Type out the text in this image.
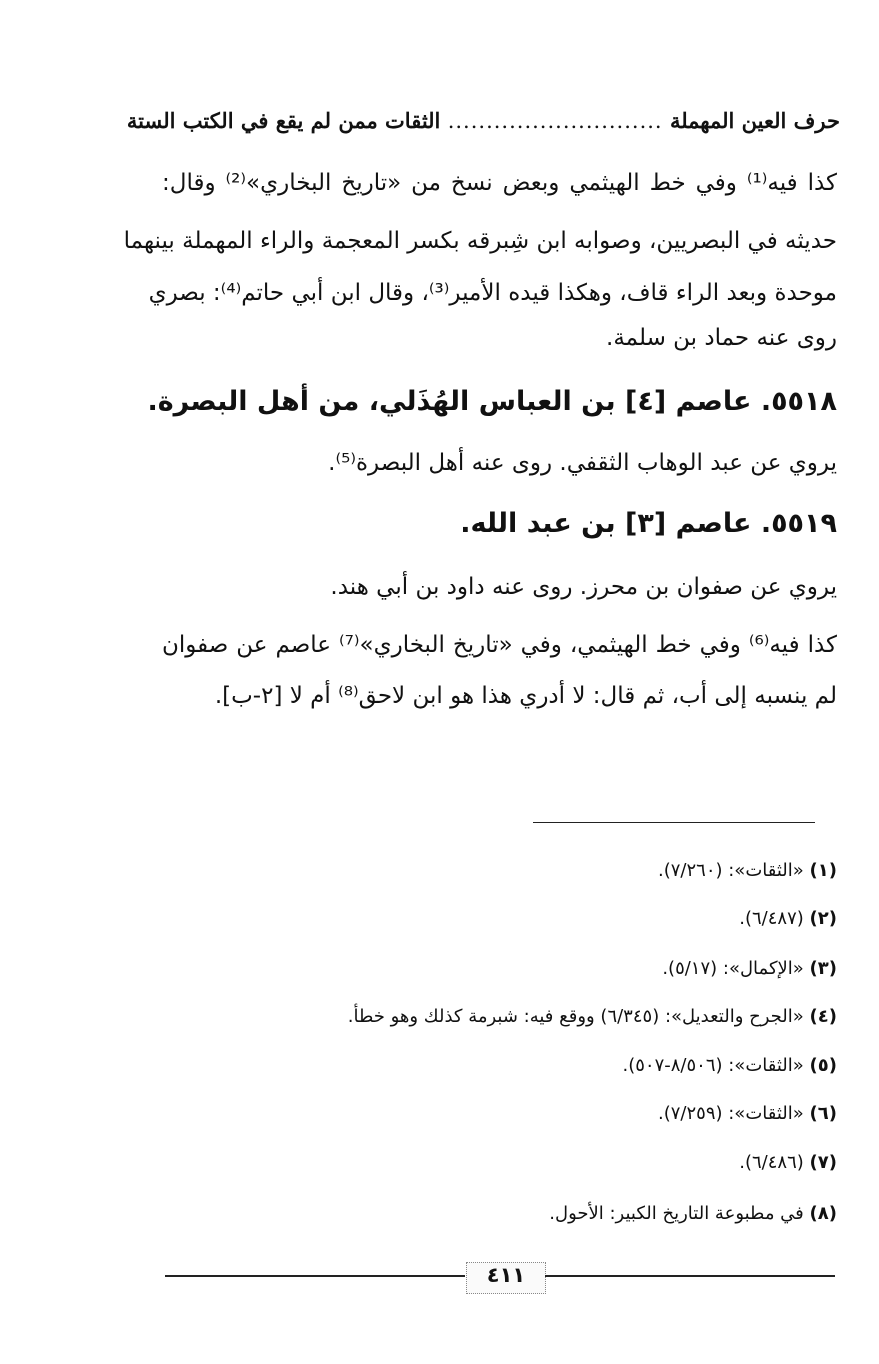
حرف العين المهملة ............................ الثقات ممن لم يقع في الكتب الستة
كذا فيه⁽¹⁾ وفي خط الهيثمي وبعض نسخ من «تاريخ البخاري»⁽²⁾ وقال:
حديثه في البصريين، وصوابه ابن شِبرقه بكسر المعجمة والراء المهملة بينهما
موحدة وبعد الراء قاف، وهكذا قيده الأمير⁽³⁾، وقال ابن أبي حاتم⁽⁴⁾: بصري
روى عنه حماد بن سلمة.
٥٥١٨. عاصم [٤] بن العباس الهُذَلي، من أهل البصرة.
يروي عن عبد الوهاب الثقفي. روى عنه أهل البصرة⁽⁵⁾.
٥٥١٩. عاصم [٣] بن عبد الله.
يروي عن صفوان بن محرز. روى عنه داود بن أبي هند.
كذا فيه⁽⁶⁾ وفي خط الهيثمي، وفي «تاريخ البخاري»⁽⁷⁾ عاصم عن صفوان
لم ينسبه إلى أب، ثم قال: لا أدري هذا هو ابن لاحق⁽⁸⁾ أم لا [٢-ب].
(١) «الثقات»: (٧/٢٦٠).
(٢) (٦/٤٨٧).
(٣) «الإكمال»: (٥/١٧).
(٤) «الجرح والتعديل»: (٦/٣٤٥) ووقع فيه: شبرمة كذلك وهو خطأ.
(٥) «الثقات»: (٨/٥٠٦-٥٠٧).
(٦) «الثقات»: (٧/٢٥٩).
(٧) (٦/٤٨٦).
(٨) في مطبوعة التاريخ الكبير: الأحول.
٤١١
